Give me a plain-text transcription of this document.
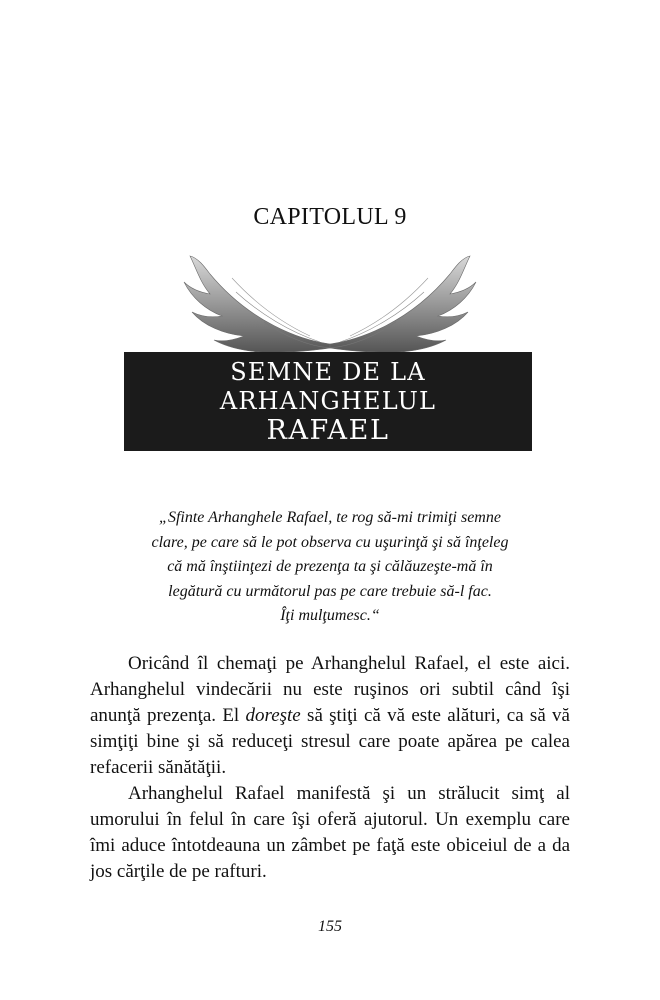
CAPITOLUL 9
SEMNE DE LA ARHANGHELUL
RAFAEL
„Sfinte Arhanghele Rafael, te rog să-mi trimiţi semne
clare, pe care să le pot observa cu uşurinţă şi să înţeleg
că mă înştiinţezi de prezenţa ta şi călăuzeşte-mă în
legătură cu următorul pas pe care trebuie să-l fac.
Îţi mulţumesc.“

Oricând îl chemaţi pe Arhanghelul Rafael, el este aici. Arhanghelul vindecării nu este ruşinos ori subtil când îşi anunţă prezenţa. El doreşte să ştiţi că vă este alături, ca să vă simţiţi bine şi să reduceţi stresul care poate apărea pe calea refacerii sănătăţii.

Arhanghelul Rafael manifestă şi un strălucit simţ al umorului în felul în care îşi oferă ajutorul. Un exemplu care îmi aduce întotdeauna un zâmbet pe faţă este obiceiul de a da jos cărţile de pe rafturi.

155
